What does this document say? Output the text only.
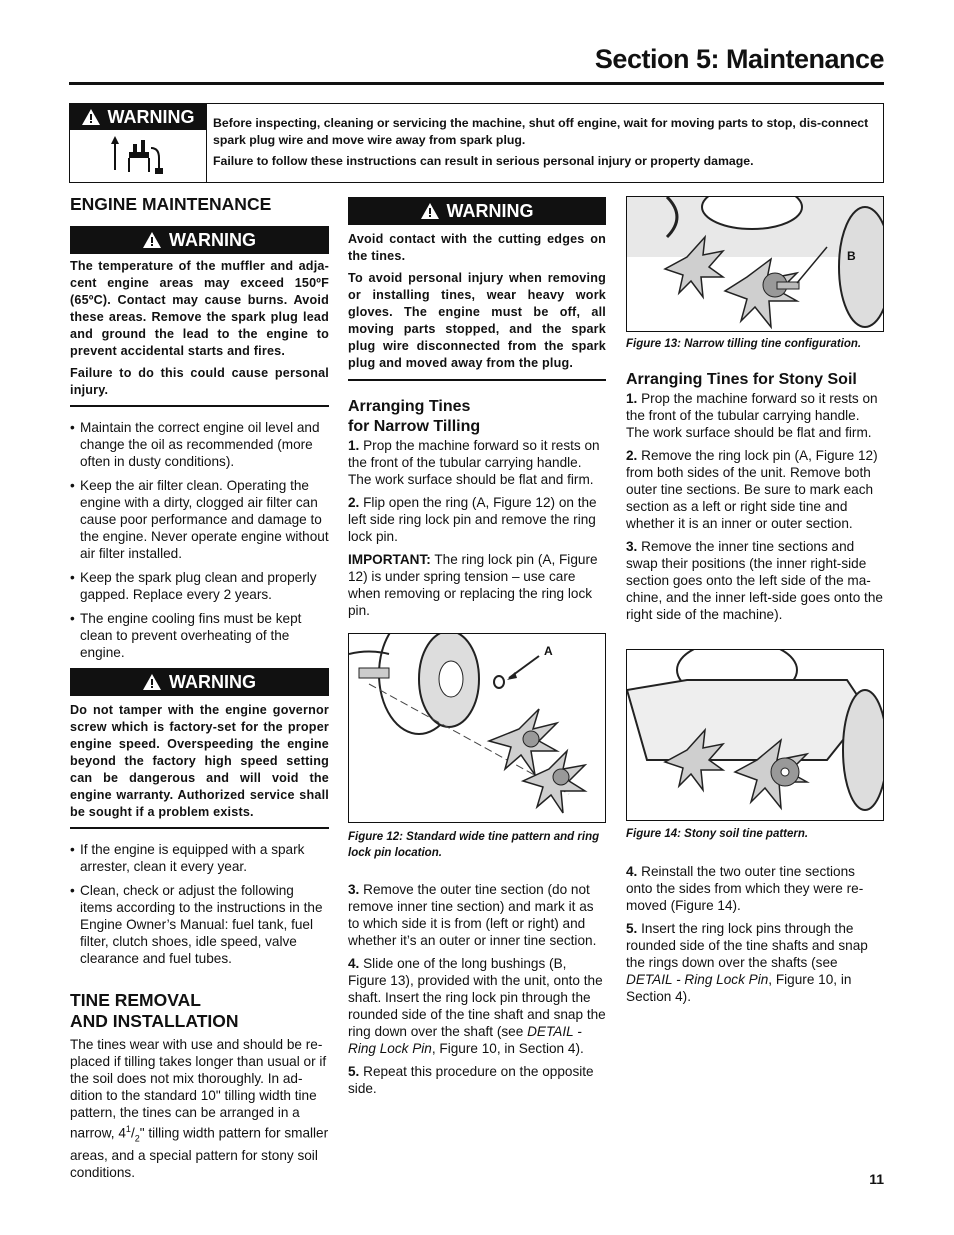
Section 5: Maintenance
WARNING Before inspecting, cleaning or servicing the machine, shut off engine, wait for moving parts to stop, dis-connect spark plug wire and move wire away from spark plug.

Failure to follow these instructions can result in serious personal injury or property damage.

ENGINE MAINTENANCE
WARNING

The temperature of the muffler and adja-cent engine areas may exceed 150ºF (65ºC). Contact may cause burns. Avoid these areas. Remove the spark plug lead and ground the lead to the engine to prevent accidental starts and fires.

Failure to do this could cause personal injury.

• Maintain the correct engine oil level and change the oil as recommended (more often in dusty conditions).
• Keep the air filter clean. Operating the engine with a dirty, clogged air filter can cause poor performance and damage to the engine. Never operate engine without air filter installed.
• Keep the spark plug clean and properly gapped. Replace every 2 years.
• The engine cooling fins must be kept clean to prevent overheating of the engine.
WARNING

Do not tamper with the engine governor screw which is factory-set for the proper engine speed. Overspeeding the engine beyond the factory high speed setting can be dangerous and will void the engine warranty. Authorized service shall be sought if a problem exists.

• If the engine is equipped with a spark arrester, clean it every year.
• Clean, check or adjust the following items according to the instructions in the Engine Owner’s Manual: fuel tank, fuel filter, clutch shoes, idle speed, valve clearance and fuel tubes.
TINE REMOVAL
AND INSTALLATION

The tines wear with use and should be re-placed if tilling takes longer than usual or if the soil does not mix thoroughly. In ad-dition to the standard 10" tilling width tine pattern, the tines can be arranged in a narrow, $4^1/_2$" tilling width pattern for smaller areas, and a special pattern for stony soil conditions.

WARNING

Avoid contact with the cutting edges on the tines.

To avoid personal injury when removing or installing tines, wear heavy work gloves. The engine must be off, all moving parts stopped, and the spark plug wire disconnected from the spark plug and moved away from the plug.

Arranging Tines
for Narrow Tilling

1. Prop the machine forward so it rests on the front of the tubular carrying handle. The work surface should be flat and firm.

2. Flip open the ring (A, Figure 12) on the left side ring lock pin and remove the ring lock pin.

IMPORTANT: The ring lock pin (A, Figure 12) is under spring tension – use care when removing or replacing the ring lock pin.

A
Figure 12: Standard wide tine pattern and ring lock pin location.

3. Remove the outer tine section (do not remove inner tine section) and mark it as to which side it is from (left or right) and whether it’s an outer or inner tine section.

4. Slide one of the long bushings (B, Figure 13), provided with the unit, onto the shaft. Insert the ring lock pin through the rounded side of the tine shaft and snap the ring down over the shaft (see DETAIL - Ring Lock Pin, Figure 10, in Section 4).

5. Repeat this procedure on the opposite side.

B
Figure 13: Narrow tilling tine configuration.
Arranging Tines for Stony Soil

1. Prop the machine forward so it rests on the front of the tubular carrying handle. The work surface should be flat and firm.

2. Remove the ring lock pin (A, Figure 12) from both sides of the unit. Remove both outer tine sections. Be sure to mark each section as a left or right side tine and whether it is an inner or outer section.

3. Remove the inner tine sections and swap their positions (the inner right-side section goes onto the left side of the ma-chine, and the inner left-side goes onto the right side of the machine).

Figure 14: Stony soil tine pattern.

4. Reinstall the two outer tine sections onto the sides from which they were re-moved (Figure 14).

5. Insert the ring lock pins through the rounded side of the tine shafts and snap the rings down over the shafts (see DETAIL - Ring Lock Pin, Figure 10, in Section 4).

11
